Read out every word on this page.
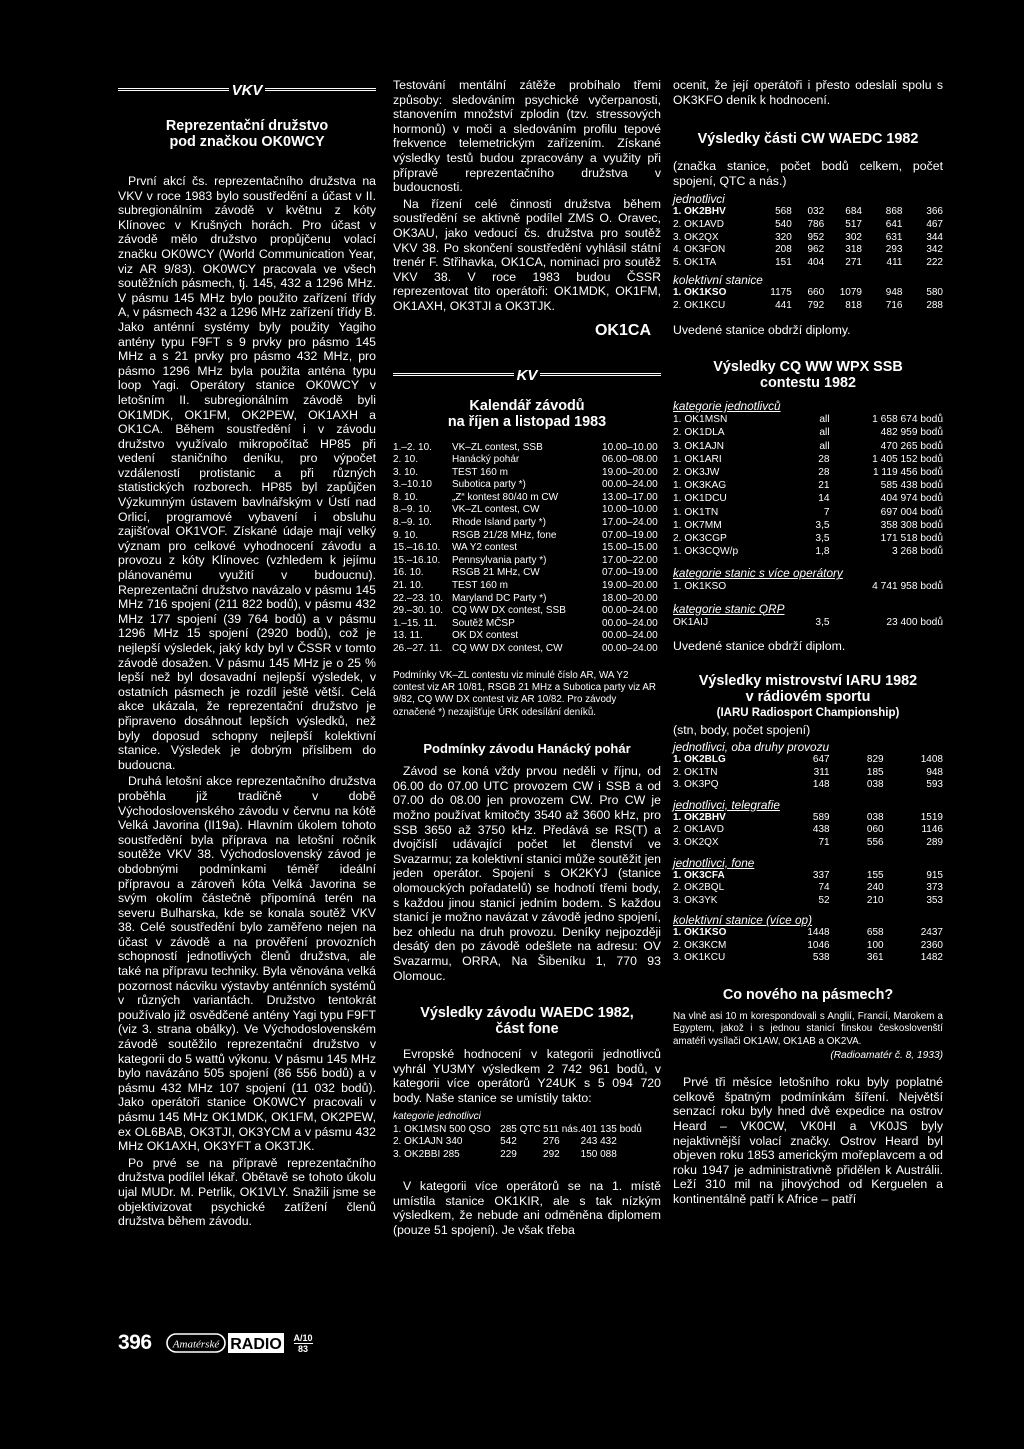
VKV
Reprezentační družstvo
pod značkou OK0WCY

První akcí čs. reprezentačního družstva na VKV v roce 1983 bylo soustředění a účast v II. subregionálním závodě v květnu z kóty Klínovec v Krušných horách. Pro účast v závodě mělo družstvo propůjčenu volací značku OK0WCY (World Communication Year, viz AR 9/83). OK0WCY pracovala ve všech soutěžních pásmech, tj. 145, 432 a 1296 MHz. V pásmu 145 MHz bylo použito zařízení třídy A, v pásmech 432 a 1296 MHz zařízení třídy B. Jako anténní systémy byly použity Yagiho antény typu F9FT s 9 prvky pro pásmo 145 MHz a s 21 prvky pro pásmo 432 MHz, pro pásmo 1296 MHz byla použita anténa typu loop Yagi. Operátory stanice OK0WCY v letošním II. subregionálním závodě byli OK1MDK, OK1FM, OK2PEW, OK1AXH a OK1CA. Během soustředění i v závodu družstvo využívalo mikropočítač HP85 při vedení staničního deníku, pro výpočet vzdáleností protistanic a při různých statistických rozborech. HP85 byl zapůjčen Výzkumným ústavem bavlnářským v Ústí nad Orlicí, programové vybavení i obsluhu zajišťoval OK1VOF. Získané údaje mají velký význam pro celkové vyhodnocení závodu a provozu z kóty Klínovec (vzhledem k jejímu plánovanému využití v budoucnu). Reprezentační družstvo navázalo v pásmu 145 MHz 716 spojení (211 822 bodů), v pásmu 432 MHz 177 spojení (39 764 bodů) a v pásmu 1296 MHz 15 spojení (2920 bodů), což je nejlepší výsledek, jaký kdy byl v ČSSR v tomto závodě dosažen. V pásmu 145 MHz je o 25 % lepší než byl dosavadní nejlepší výsledek, v ostatních pásmech je rozdíl ještě větší. Celá akce ukázala, že reprezentační družstvo je připraveno dosáhnout lepších výsledků, než byly doposud schopny nejlepší kolektivní stanice. Výsledek je dobrým příslibem do budoucna.

Druhá letošní akce reprezentačního družstva proběhla již tradičně v době Východoslovenského závodu v červnu na kótě Velká Javorina (II19a). Hlavním úkolem tohoto soustředění byla příprava na letošní ročník soutěže VKV 38. Východoslovenský závod je obdobnými podmínkami téměř ideální přípravou a zároveň kóta Velká Javorina se svým okolím částečně připomíná terén na severu Bulharska, kde se konala soutěž VKV 38. Celé soustředění bylo zaměřeno nejen na účast v závodě a na prověření provozních schopností jednotlivých členů družstva, ale také na přípravu techniky. Byla věnována velká pozornost nácviku výstavby anténních systémů v různých variantách. Družstvo tentokrát používalo již osvědčené antény Yagi typu F9FT (viz 3. strana obálky). Ve Východoslovenském závodě soutěžilo reprezentační družstvo v kategorii do 5 wattů výkonu. V pásmu 145 MHz bylo navázáno 505 spojení (86 556 bodů) a v pásmu 432 MHz 107 spojení (11 032 bodů). Jako operátoři stanice OK0WCY pracovali v pásmu 145 MHz OK1MDK, OK1FM, OK2PEW, ex OL6BAB, OK3TJI, OK3YCM a v pásmu 432 MHz OK1AXH, OK3YFT a OK3TJK.

Po prvé se na přípravě reprezentačního družstva podílel lékař. Obětavě se tohoto úkolu ujal MUDr. M. Petrlik, OK1VLY. Snažili jsme se objektivizovat psychické zatížení členů družstva během závodu.

Testování mentální zátěže probíhalo třemi způsoby: sledováním psychické vyčerpanosti, stanovením množství zplodin (tzv. stressových hormonů) v moči a sledováním profilu tepové frekvence telemetrickým zařízením. Získané výsledky testů budou zpracovány a využity při přípravě reprezentačního družstva v budoucnosti.

Na řízení celé činnosti družstva během soustředění se aktivně podílel ZMS O. Oravec, OK3AU, jako vedoucí čs. družstva pro soutěž VKV 38. Po skončení soustředění vyhlásil státní trenér F. Střihavka, OK1CA, nominaci pro soutěž VKV 38. V roce 1983 budou ČSSR reprezentovat tito operátoři: OK1MDK, OK1FM, OK1AXH, OK3TJI a OK3TJK.

OK1CA
KV
Kalendář závodů
na říjen a listopad 1983
1.–2. 10.	VK–ZL contest, SSB	10.00–10.00
2. 10.	Hanácký pohár	06.00–08.00
3. 10.	TEST 160 m	19.00–20.00
3.–10.10	Subotica party *)	00.00–24.00
8. 10.	„Z“ kontest 80/40 m CW	13.00–17.00
8.–9. 10.	VK–ZL contest, CW	10.00–10.00
8.–9. 10.	Rhode Island party *)	17.00–24.00
9. 10.	RSGB 21/28 MHz, fone	07.00–19.00
15.–16.10.	WA Y2 contest	15.00–15.00
15.–16.10.	Pennsylvania party *)	17.00–22.00
16. 10.	RSGB 21 MHz, CW	07.00–19.00
21. 10.	TEST 160 m	19.00–20.00
22.–23. 10.	Maryland DC Party *)	18.00–20.00
29.–30. 10.	CQ WW DX contest, SSB	00.00–24.00
1.–15. 11.	Soutěž MČSP	00.00–24.00
13. 11.	OK DX contest	00.00–24.00
26.–27. 11.	CQ WW DX contest, CW	00.00–24.00

Podmínky VK–ZL contestu viz minulé číslo AR, WA Y2 contest viz AR 10/81, RSGB 21 MHz a Subotica party viz AR 9/82, CQ WW DX contest viz AR 10/82. Pro závody označené *) nezajišťuje ÚRK odesílání deníků.

Podmínky závodu Hanácký pohár

Závod se koná vždy prvou neděli v říjnu, od 06.00 do 07.00 UTC provozem CW i SSB a od 07.00 do 08.00 jen provozem CW. Pro CW je možno používat kmitočty 3540 až 3600 kHz, pro SSB 3650 až 3750 kHz. Předává se RS(T) a dvojčíslí udávající počet let členství ve Svazarmu; za kolektivní stanici může soutěžit jen jeden operátor. Spojení s OK2KYJ (stanice olomouckých pořadatelů) se hodnotí třemi body, s každou jinou stanicí jedním bodem. S každou stanicí je možno navázat v závodě jedno spojení, bez ohledu na druh provozu. Deníky nejpozději desátý den po závodě odešlete na adresu: OV Svazarmu, ORRA, Na Šibeníku 1, 770 93 Olomouc.

Výsledky závodu WAEDC 1982,
část fone

Evropské hodnocení v kategorii jednotlivců vyhrál YU3MY výsledkem 2 742 961 bodů, v kategorii více operátorů Y24UK s 5 094 720 body. Naše stanice se umístily takto:

kategorie jednotlivci
1. OK1MSN 500 QSO	285 QTC	511 nás.	401 135 bodů
2. OK1AJN 340	542	276	243 432
3. OK2BBI 285	229	292	150 088

V kategorii více operátorů se na 1. místě umístila stanice OK1KIR, ale s tak nízkým výsledkem, že nebude ani odměněna diplomem (pouze 51 spojení). Je však třeba

ocenit, že její operátoři i přesto odeslali spolu s OK3KFO deník k hodnocení.

Výsledky části CW WAEDC 1982

(značka stanice, počet bodů celkem, počet spojení, QTC a nás.)

jednotlivci
1. OK2BHV	568	032	684	868	366
2. OK1AVD	540	786	517	641	467
3. OK2QX	320	952	302	631	344
4. OK3FON	208	962	318	293	342
5. OK1TA	151	404	271	411	222
kolektivní stanice
1. OK1KSO	1175	660	1079	948	580
2. OK1KCU	441	792	818	716	288

Uvedené stanice obdrží diplomy.

Výsledky CQ WW WPX SSB
contestu 1982
kategorie jednotlivců
1. OK1MSN	all	1 658 674 bodů
2. OK1DLA	all	482 959 bodů
3. OK1AJN	all	470 265 bodů
1. OK1ARI	28	1 405 152 bodů
2. OK3JW	28	1 119 456 bodů
1. OK3KAG	21	585 438 bodů
1. OK1DCU	14	404 974 bodů
1. OK1TN	7	697 004 bodů
1. OK7MM	3,5	358 308 bodů
2. OK3CGP	3,5	171 518 bodů
1. OK3CQW/p	1,8	3 268 bodů
kategorie stanic s více operátory
1. OK1KSO	4 741 958 bodů
kategorie stanic QRP
OK1AIJ	3,5	23 400 bodů

Uvedené stanice obdrží diplom.

Výsledky mistrovství IARU 1982
v rádiovém sportu
(IARU Radiosport Championship)

(stn, body, počet spojení)

jednotlivci, oba druhy provozu
1. OK2BLG	647	829	1408
2. OK1TN	311	185	948
3. OK3PQ	148	038	593
jednotlivci, telegrafie
1. OK2BHV	589	038	1519
2. OK1AVD	438	060	1146
3. OK2QX	71	556	289
jednotlivci, fone
1. OK3CFA	337	155	915
2. OK2BQL	74	240	373
3. OK3YK	52	210	353
kolektivní stanice (více op)
1. OK1KSO	1448	658	2437
2. OK3KCM	1046	100	2360
3. OK1KCU	538	361	1482
Co nového na pásmech?

Na vlně asi 10 m korespondovali s Anglií, Francií, Marokem a Egyptem, jakož i s jednou stanicí finskou českoslovenští amatéři vysílači OK1AW, OK1AB a OK2VA.

(Radioamatér č. 8, 1933)

Prvé tři měsíce letošního roku byly poplatné celkově špatným podmínkám šíření. Největší senzací roku byly hned dvě expedice na ostrov Heard – VK0CW, VK0HI a VK0JS byly nejaktivnější volací značky. Ostrov Heard byl objeven roku 1853 americkým mořeplavcem a od roku 1947 je administrativně přidělen k Austrálii. Leží 310 mil na jihovýchod od Kerguelen a kontinentálně patří k Africe – patří

396 Amatérské RADIO A/10
83
